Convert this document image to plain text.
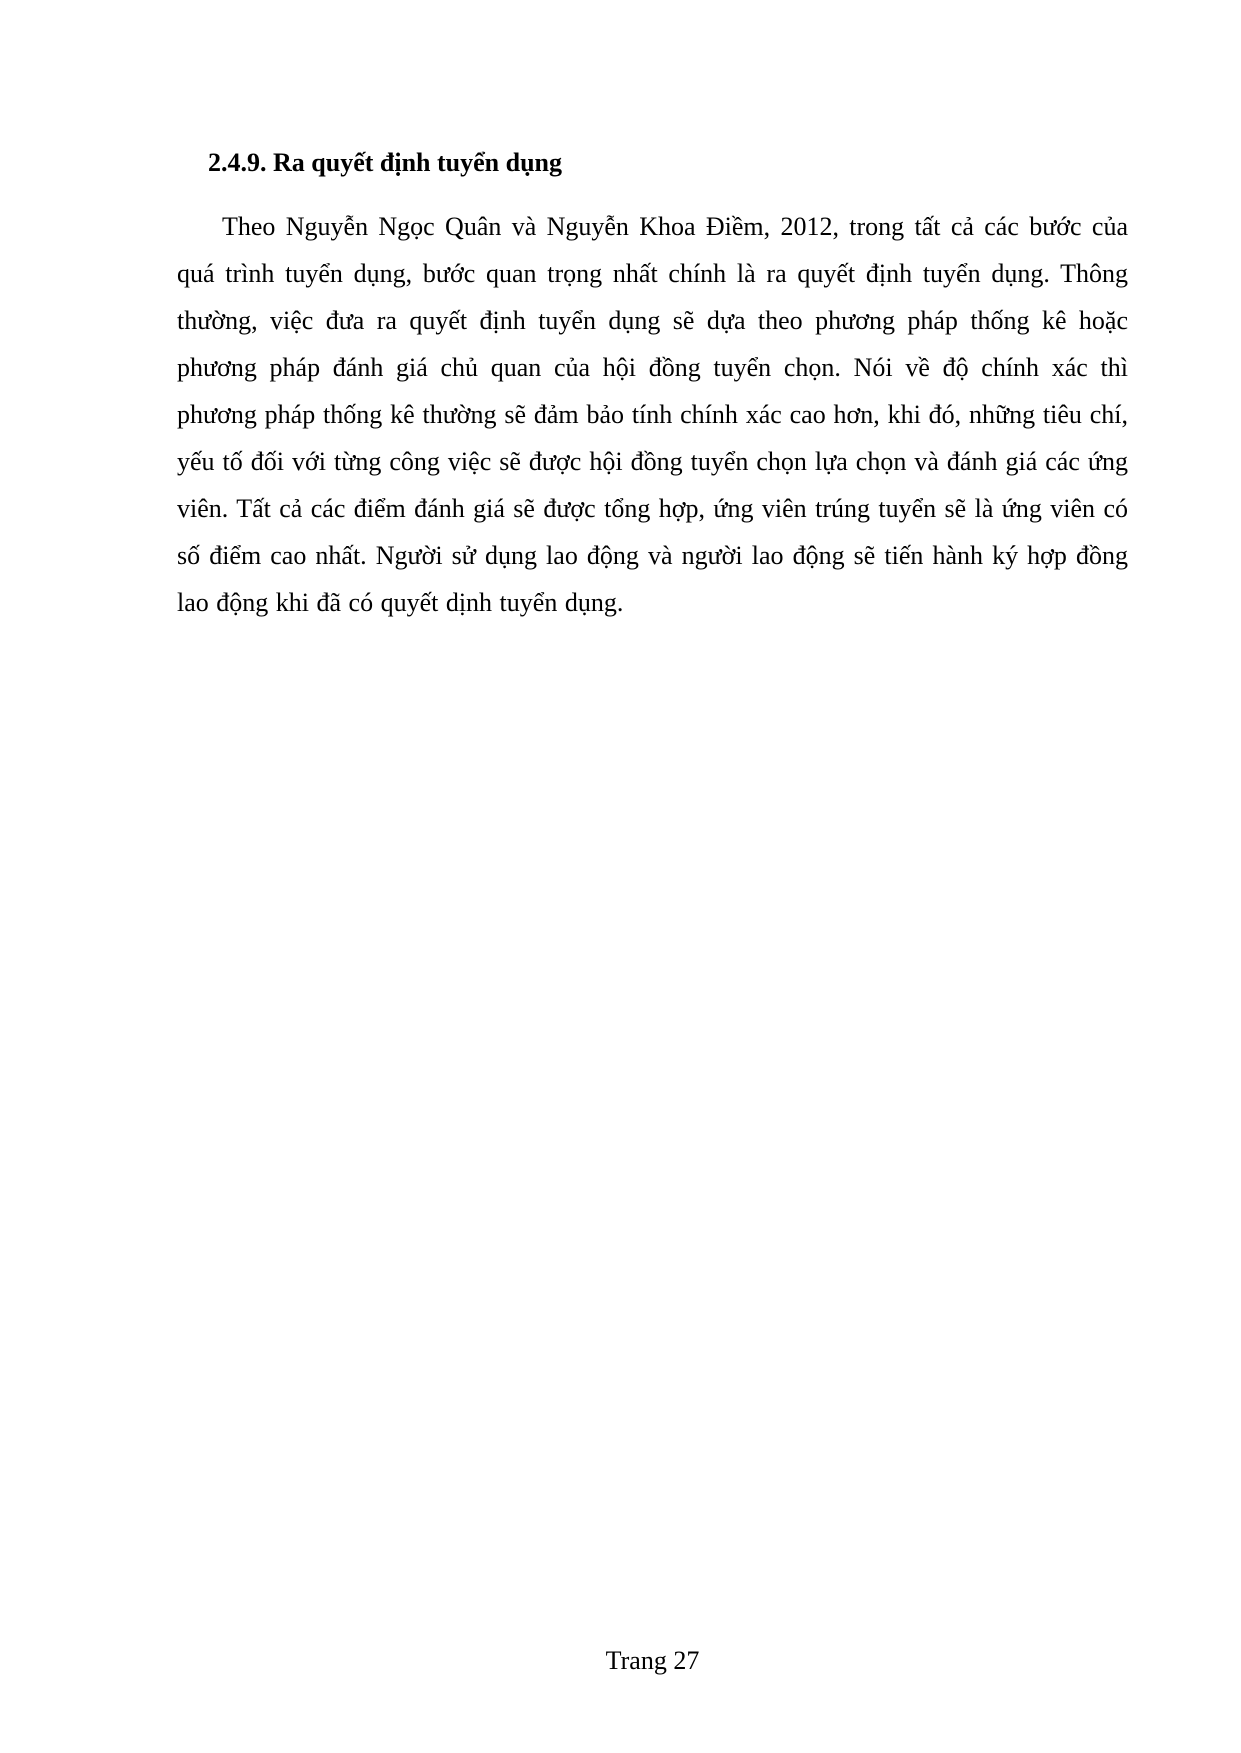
2.4.9. Ra quyết định tuyển dụng

Theo Nguyễn Ngọc Quân và Nguyễn Khoa Điềm, 2012, trong tất cả các bước của quá trình tuyển dụng, bước quan trọng nhất chính là ra quyết định tuyển dụng. Thông thường, việc đưa ra quyết định tuyển dụng sẽ dựa theo phương pháp thống kê hoặc phương pháp đánh giá chủ quan của hội đồng tuyển chọn. Nói về độ chính xác thì phương pháp thống kê thường sẽ đảm bảo tính chính xác cao hơn, khi đó, những tiêu chí, yếu tố đối với từng công việc sẽ được hội đồng tuyển chọn lựa chọn và đánh giá các ứng viên. Tất cả các điểm đánh giá sẽ được tổng hợp, ứng viên trúng tuyển sẽ là ứng viên có số điểm cao nhất. Người sử dụng lao động và người lao động sẽ tiến hành ký hợp đồng lao động khi đã có quyết dịnh tuyển dụng.

Trang 27
